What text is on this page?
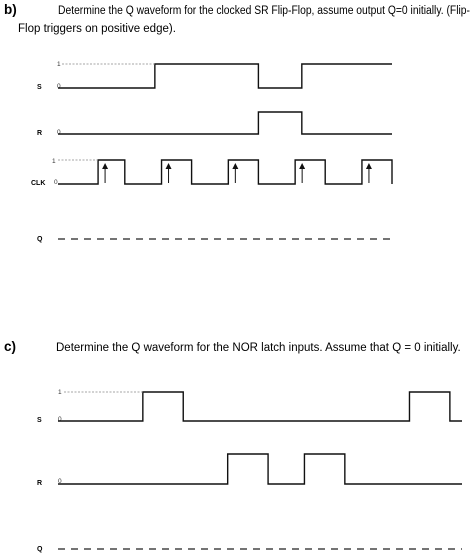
b)	Determine the Q waveform for the clocked SR Flip-Flop, assume output Q=0 initially. (Flip-
Flop triggers on positive edge).
S
R
CLK
Q
1
0
0
1
0
c)	Determine the Q waveform for the NOR latch inputs. Assume that Q = 0 initially.
S
R
Q
1
0
0
